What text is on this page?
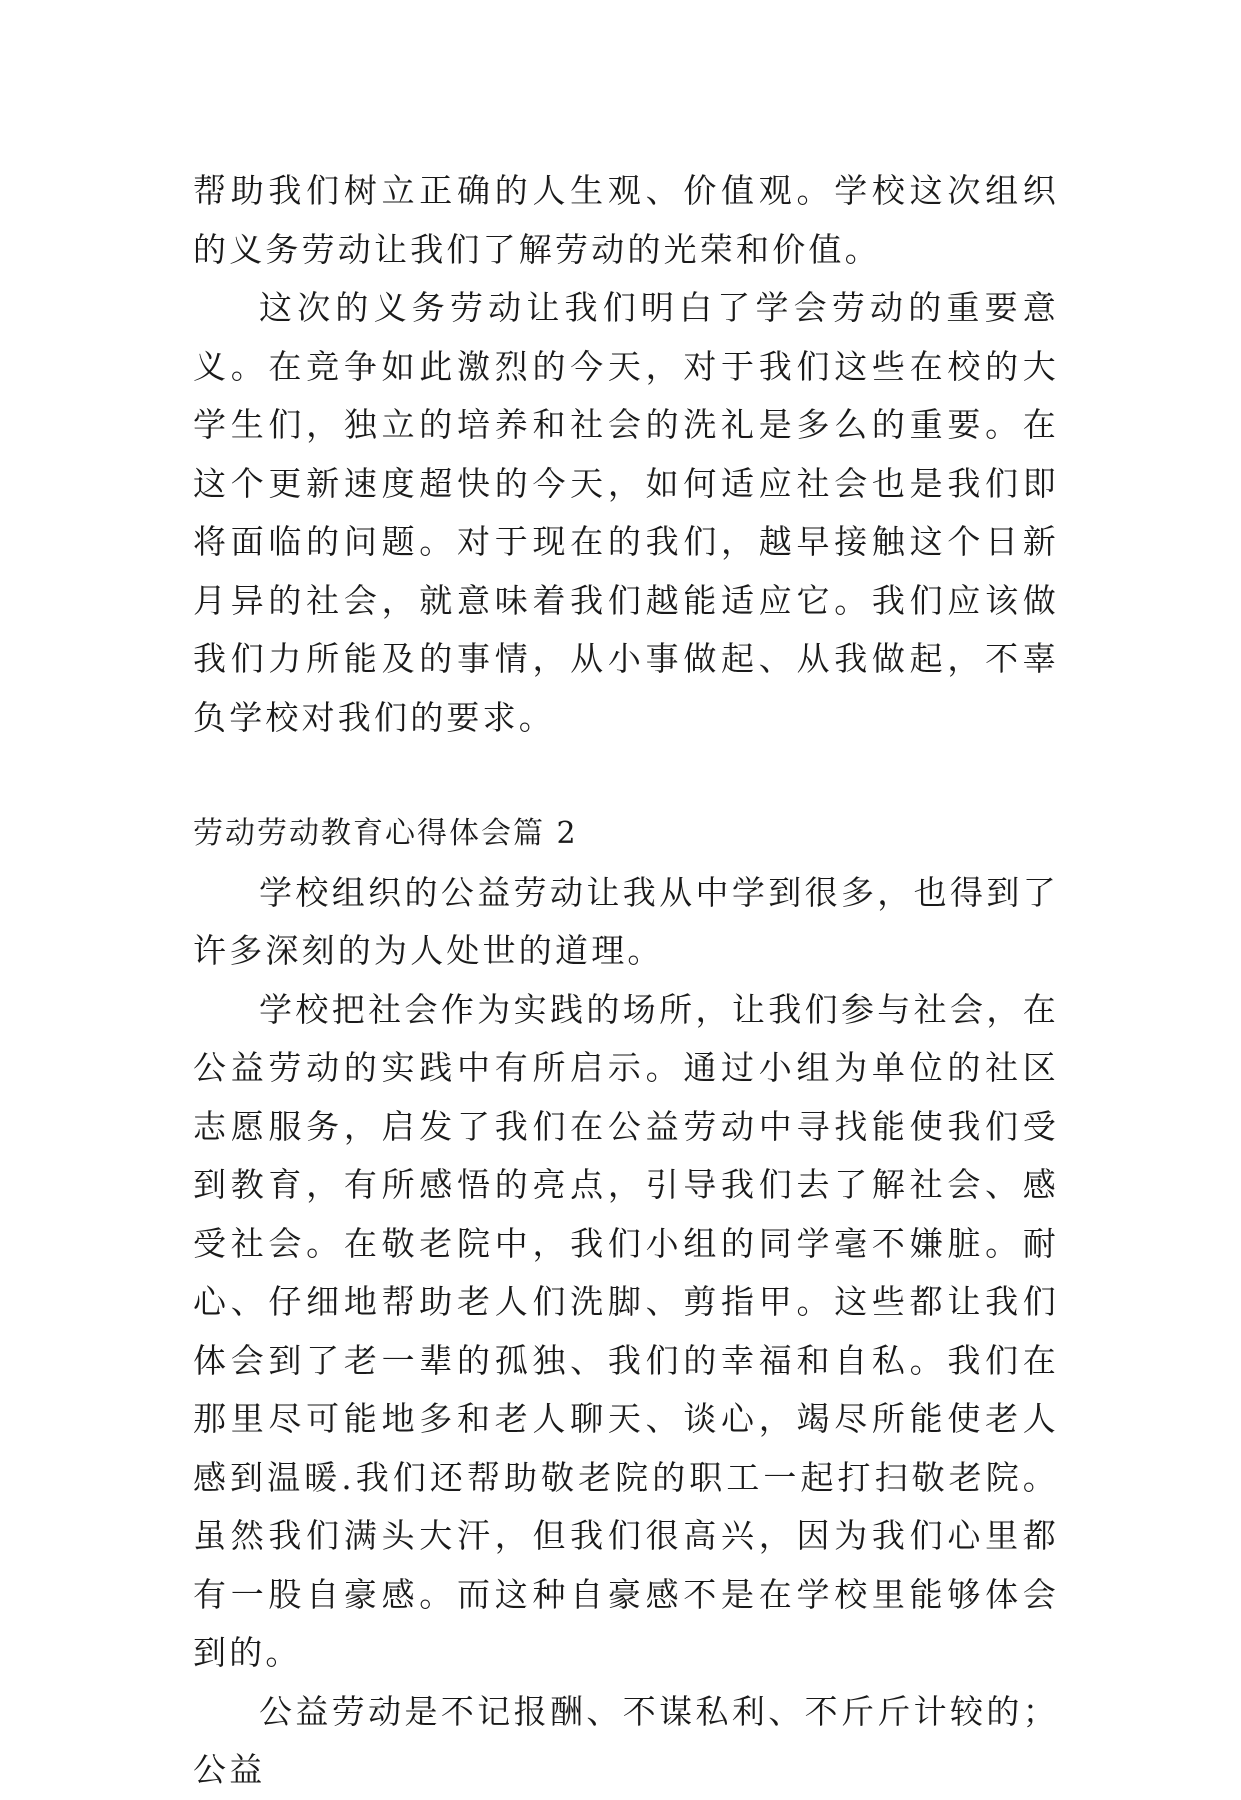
帮助我们树立正确的人生观、价值观。学校这次组织的义务劳动让我们了解劳动的光荣和价值。

这次的义务劳动让我们明白了学会劳动的重要意义。在竞争如此激烈的今天，对于我们这些在校的大学生们，独立的培养和社会的洗礼是多么的重要。在这个更新速度超快的今天，如何适应社会也是我们即将面临的问题。对于现在的我们，越早接触这个日新月异的社会，就意味着我们越能适应它。我们应该做我们力所能及的事情，从小事做起、从我做起，不辜负学校对我们的要求。

劳动劳动教育心得体会篇 2

学校组织的公益劳动让我从中学到很多，也得到了许多深刻的为人处世的道理。

学校把社会作为实践的场所，让我们参与社会，在公益劳动的实践中有所启示。通过小组为单位的社区志愿服务，启发了我们在公益劳动中寻找能使我们受到教育，有所感悟的亮点，引导我们去了解社会、感受社会。在敬老院中，我们小组的同学毫不嫌脏。耐心、仔细地帮助老人们洗脚、剪指甲。这些都让我们体会到了老一辈的孤独、我们的幸福和自私。我们在那里尽可能地多和老人聊天、谈心，竭尽所能使老人感到温暖.我们还帮助敬老院的职工一起打扫敬老院。虽然我们满头大汗，但我们很高兴，因为我们心里都有一股自豪感。而这种自豪感不是在学校里能够体会到的。

公益劳动是不记报酬、不谋私利、不斤斤计较的；公益
